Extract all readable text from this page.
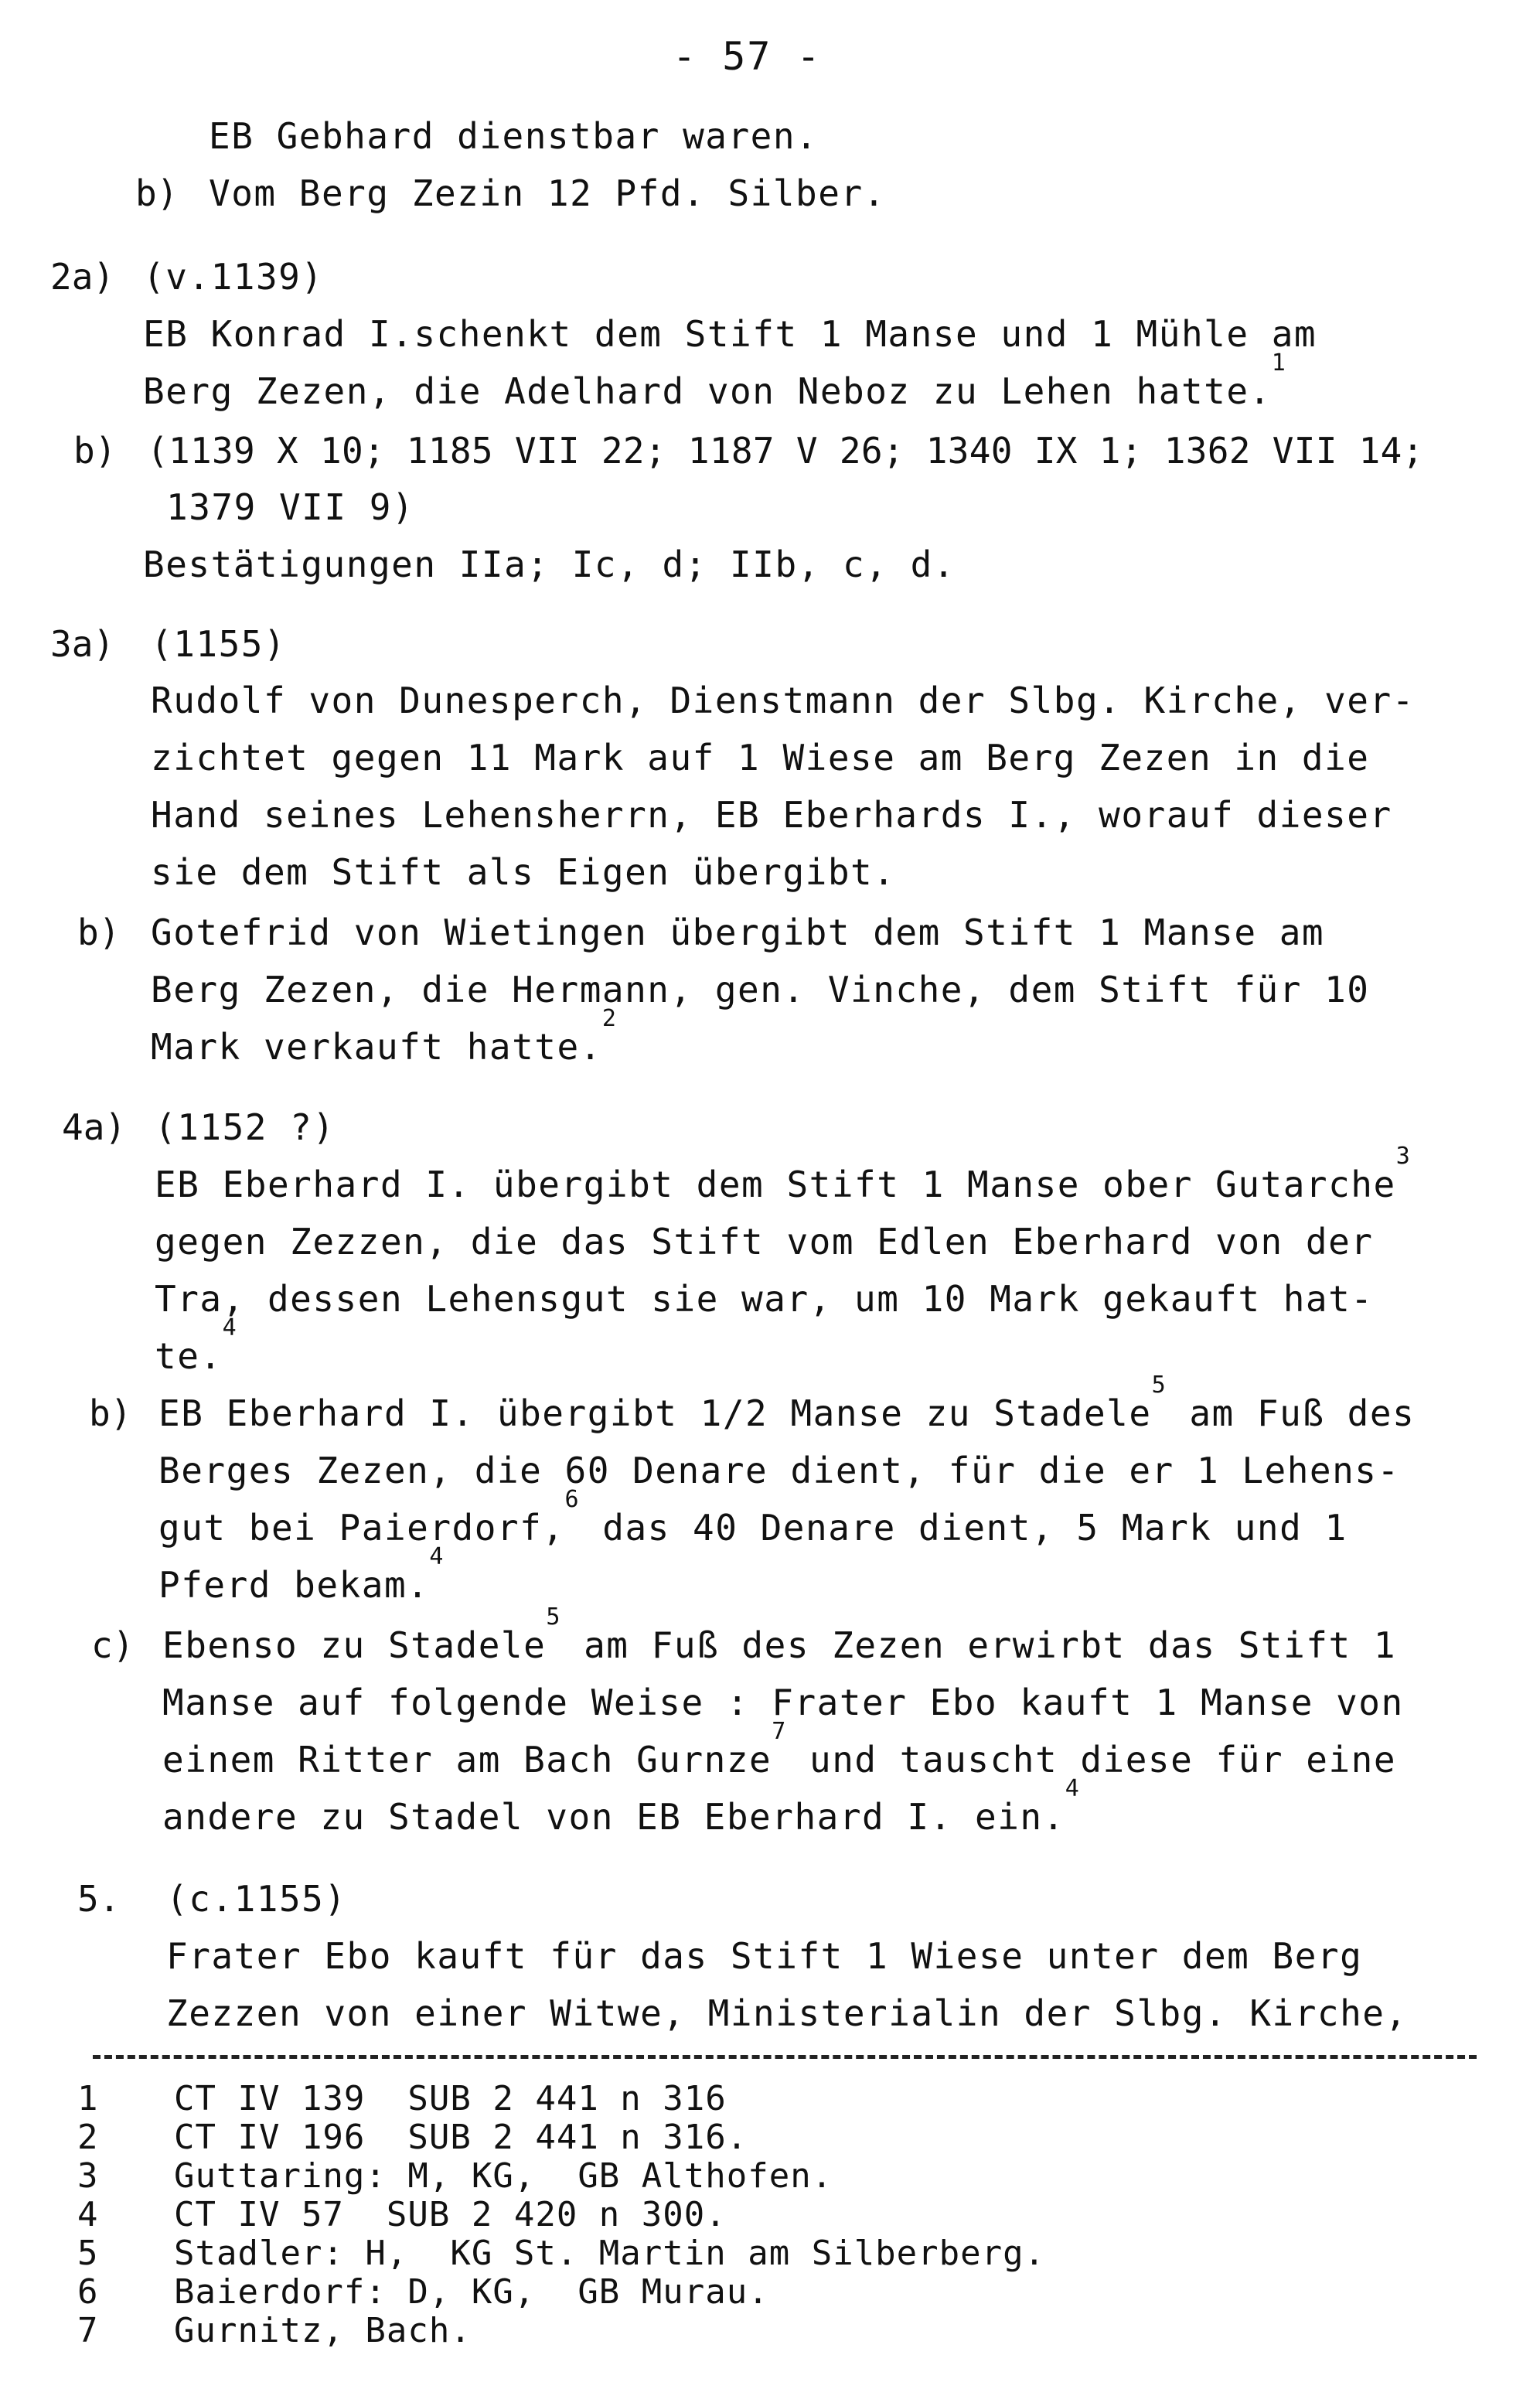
- 57 -
EB Gebhard dienstbar waren.
b) Vom Berg Zezin 12 Pfd. Silber.
2a) (v.1139)
EB Konrad I.schenkt dem Stift 1 Manse und 1 Mühle am
Berg Zezen, die Adelhard von Neboz zu Lehen hatte.$^1$
b) (1139 X 10; 1185 VII 22; 1187 V 26; 1340 IX 1; 1362 VII 14;
1379 VII 9)
Bestätigungen IIa; Ic, d; IIb, c, d.
3a) (1155)
Rudolf von Dunesperch, Dienstmann der Slbg. Kirche, ver-
zichtet gegen 11 Mark auf 1 Wiese am Berg Zezen in die
Hand seines Lehensherrn, EB Eberhards I., worauf dieser
sie dem Stift als Eigen übergibt.
b) Gotefrid von Wietingen übergibt dem Stift 1 Manse am
Berg Zezen, die Hermann, gen. Vinche, dem Stift für 10
Mark verkauft hatte.$^2$
4a) (1152 ?)
EB Eberhard I. übergibt dem Stift 1 Manse ober Gutarche$^3$
gegen Zezzen, die das Stift vom Edlen Eberhard von der
Tra, dessen Lehensgut sie war, um 10 Mark gekauft hat-
te.$^4$
b) EB Eberhard I. übergibt 1/2 Manse zu Stadele$^5$ am Fuß des
Berges Zezen, die 60 Denare dient, für die er 1 Lehens-
gut bei Paierdorf,$^6$ das 40 Denare dient, 5 Mark und 1
Pferd bekam.$^4$
c) Ebenso zu Stadele$^5$ am Fuß des Zezen erwirbt das Stift 1
Manse auf folgende Weise : Frater Ebo kauft 1 Manse von
einem Ritter am Bach Gurnze$^7$ und tauscht diese für eine
andere zu Stadel von EB Eberhard I. ein.$^4$
5. (c.1155)
Frater Ebo kauft für das Stift 1 Wiese unter dem Berg
Zezzen von einer Witwe, Ministerialin der Slbg. Kirche,
1 CT IV 139  SUB 2 441 n 316
2 CT IV 196  SUB 2 441 n 316.
3 Guttaring: M, KG,  GB Althofen.
4 CT IV 57  SUB 2 420 n 300.
5 Stadler: H,  KG St. Martin am Silberberg.
6 Baierdorf: D, KG,  GB Murau.
7 Gurnitz, Bach.
